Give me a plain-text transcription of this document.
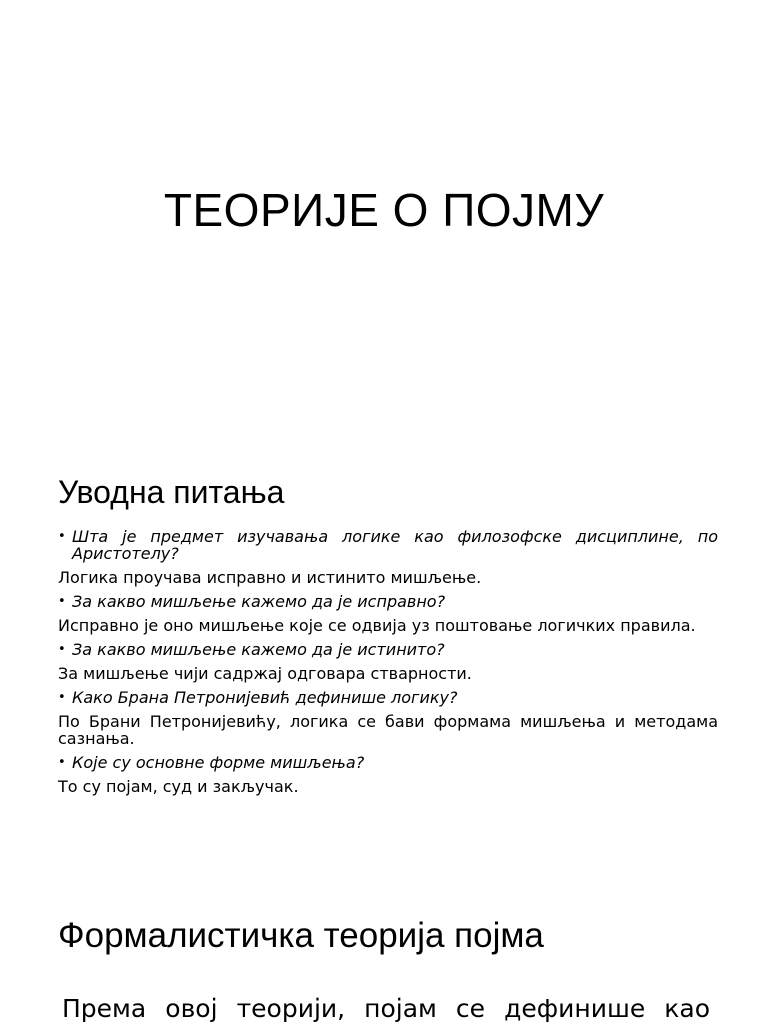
ТЕОРИЈЕ О ПОЈМУ
Уводна питања
• Шта је предмет изучавања логике као филозофске дисциплине, по Аристотелу?
Логика проучава исправно и истинито мишљење.
• За какво мишљење кажемо да је исправно?
Исправно је оно мишљење које се одвија уз поштовање логичких правила.
• За какво мишљење кажемо да је истинито?
За мишљење чији садржај одговара стварности.
• Како Брана Петронијевић дефинише логику?
По Брани Петронијевићу, логика се бави формама мишљења и методама сазнања.
• Које су основне форме мишљења?
То су појам, суд и закључак.
Формалистичка теорија појма

Према овој теорији, појам се дефинише као
